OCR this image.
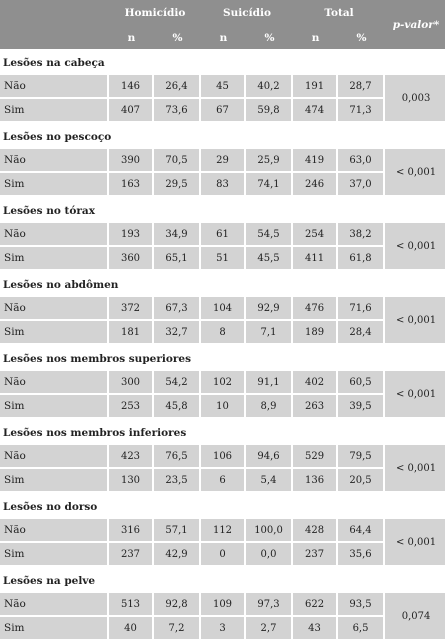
	Homicídio		Suicídio		Total		p-valor*
	n	%	n	%	n	%	
Lesões na cabeça							
Não	146	26,4	45	40,2	191	28,7	0,003
Sim	407	73,6	67	59,8	474	71,3	
Lesões no pescoço							
Não	390	70,5	29	25,9	419	63,0	< 0,001
Sim	163	29,5	83	74,1	246	37,0	
Lesões no tórax							
Não	193	34,9	61	54,5	254	38,2	< 0,001
Sim	360	65,1	51	45,5	411	61,8	
Lesões no abdômen							
Não	372	67,3	104	92,9	476	71,6	< 0,001
Sim	181	32,7	8	7,1	189	28,4	
Lesões nos membros superiores							
Não	300	54,2	102	91,1	402	60,5	< 0,001
Sim	253	45,8	10	8,9	263	39,5	
Lesões nos membros inferiores							
Não	423	76,5	106	94,6	529	79,5	< 0,001
Sim	130	23,5	6	5,4	136	20,5	
Lesões no dorso							
Não	316	57,1	112	100,0	428	64,4	< 0,001
Sim	237	42,9	0	0,0	237	35,6	
Lesões na pelve							
Não	513	92,8	109	97,3	622	93,5	0,074
Sim	40	7,2	3	2,7	43	6,5	
